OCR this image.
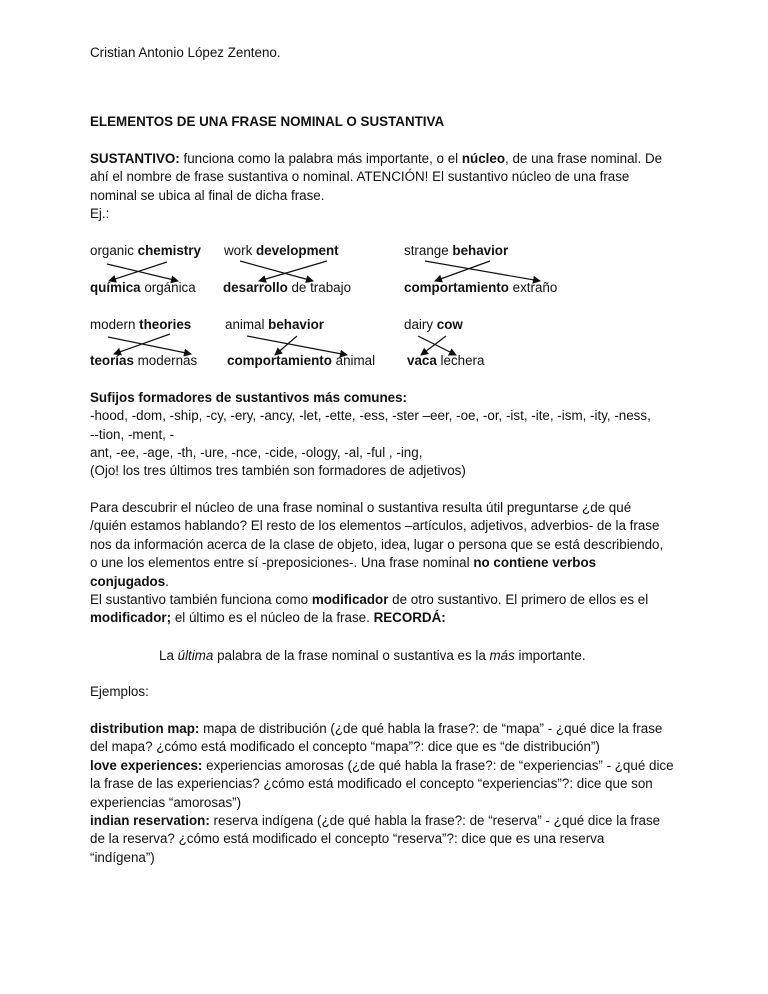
Cristian Antonio López Zenteno.
ELEMENTOS DE UNA FRASE NOMINAL O SUSTANTIVA
SUSTANTIVO: funciona como la palabra más importante, o el núcleo, de una frase nominal. De
ahí el nombre de frase sustantiva o nominal. ATENCIÓN! El sustantivo núcleo de una frase
nominal se ubica al final de dicha frase.
Ej.:
organic chemistry
química orgánica
work development
desarrollo de trabajo
strange behavior
comportamiento extraño
modern theories
teorías modernas
animal behavior
comportamiento animal
dairy cow
vaca lechera
Sufijos formadores de sustantivos más comunes:
-hood, -dom, -ship, -cy, -ery, -ancy, -let, -ette, -ess, -ster –eer, -oe, -or, -ist, -ite, -ism, -ity, -ness,
--tion, -ment, -
ant, -ee, -age, -th, -ure, -nce, -cide, -ology, -al, -ful , -ing,
(Ojo! los tres últimos tres también son formadores de adjetivos)
Para descubrir el núcleo de una frase nominal o sustantiva resulta útil preguntarse ¿de qué
/quién estamos hablando? El resto de los elementos –artículos, adjetivos, adverbios- de la frase
nos da información acerca de la clase de objeto, idea, lugar o persona que se está describiendo,
o une los elementos entre sí -preposiciones-. Una frase nominal no contiene verbos
conjugados.
El sustantivo también funciona como modificador de otro sustantivo. El primero de ellos es el
modificador; el último es el núcleo de la frase. RECORDÁ:
La última palabra de la frase nominal o sustantiva es la más importante.
Ejemplos:
distribution map: mapa de distribución (¿de qué habla la frase?: de “mapa” - ¿qué dice la frase
del mapa? ¿cómo está modificado el concepto “mapa”?: dice que es “de distribución”)
love experiences: experiencias amorosas (¿de qué habla la frase?: de “experiencias” - ¿qué dice
la frase de las experiencias? ¿cómo está modificado el concepto “experiencias”?: dice que son
experiencias “amorosas”)
indian reservation: reserva indígena (¿de qué habla la frase?: de “reserva” - ¿qué dice la frase
de la reserva? ¿cómo está modificado el concepto “reserva”?: dice que es una reserva
“indígena”)
